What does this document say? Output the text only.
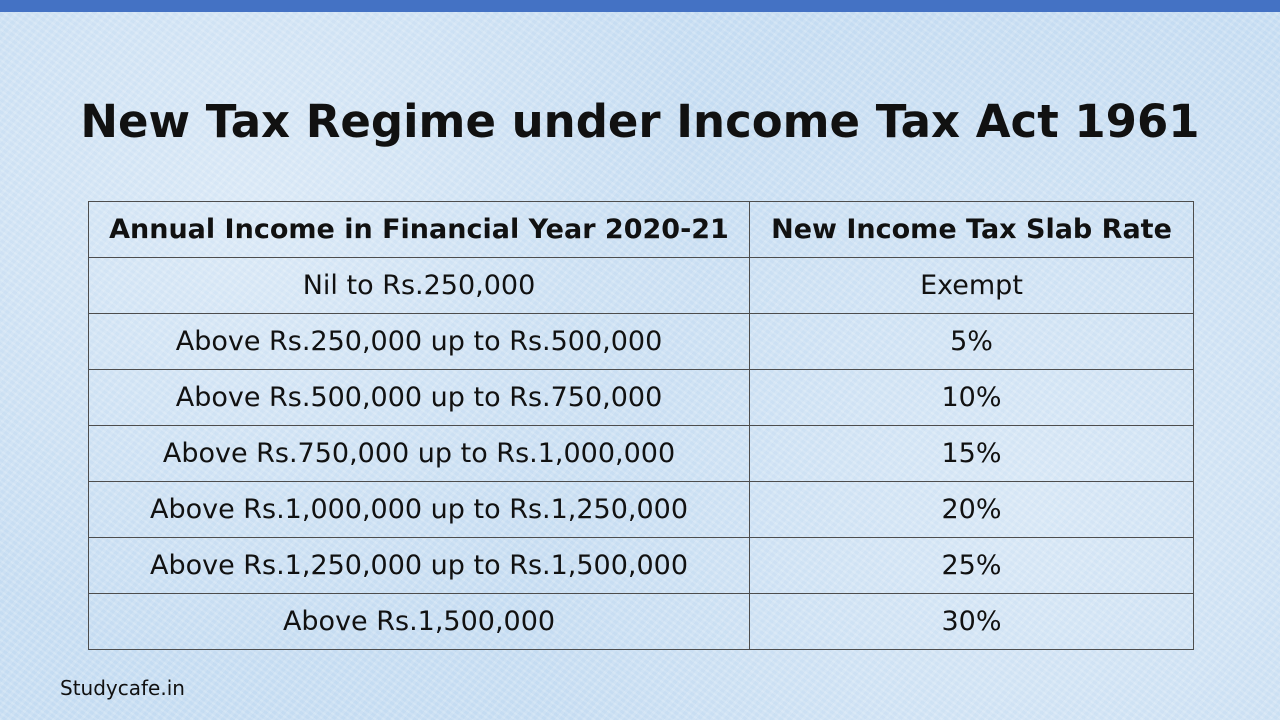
New Tax Regime under Income Tax Act 1961
Annual Income in Financial Year 2020-21	New Income Tax Slab Rate
Nil to Rs.250,000	Exempt
Above Rs.250,000 up to Rs.500,000	5%
Above Rs.500,000 up to Rs.750,000	10%
Above Rs.750,000 up to Rs.1,000,000	15%
Above Rs.1,000,000 up to Rs.1,250,000	20%
Above Rs.1,250,000 up to Rs.1,500,000	25%
Above Rs.1,500,000	30%
Studycafe.in
